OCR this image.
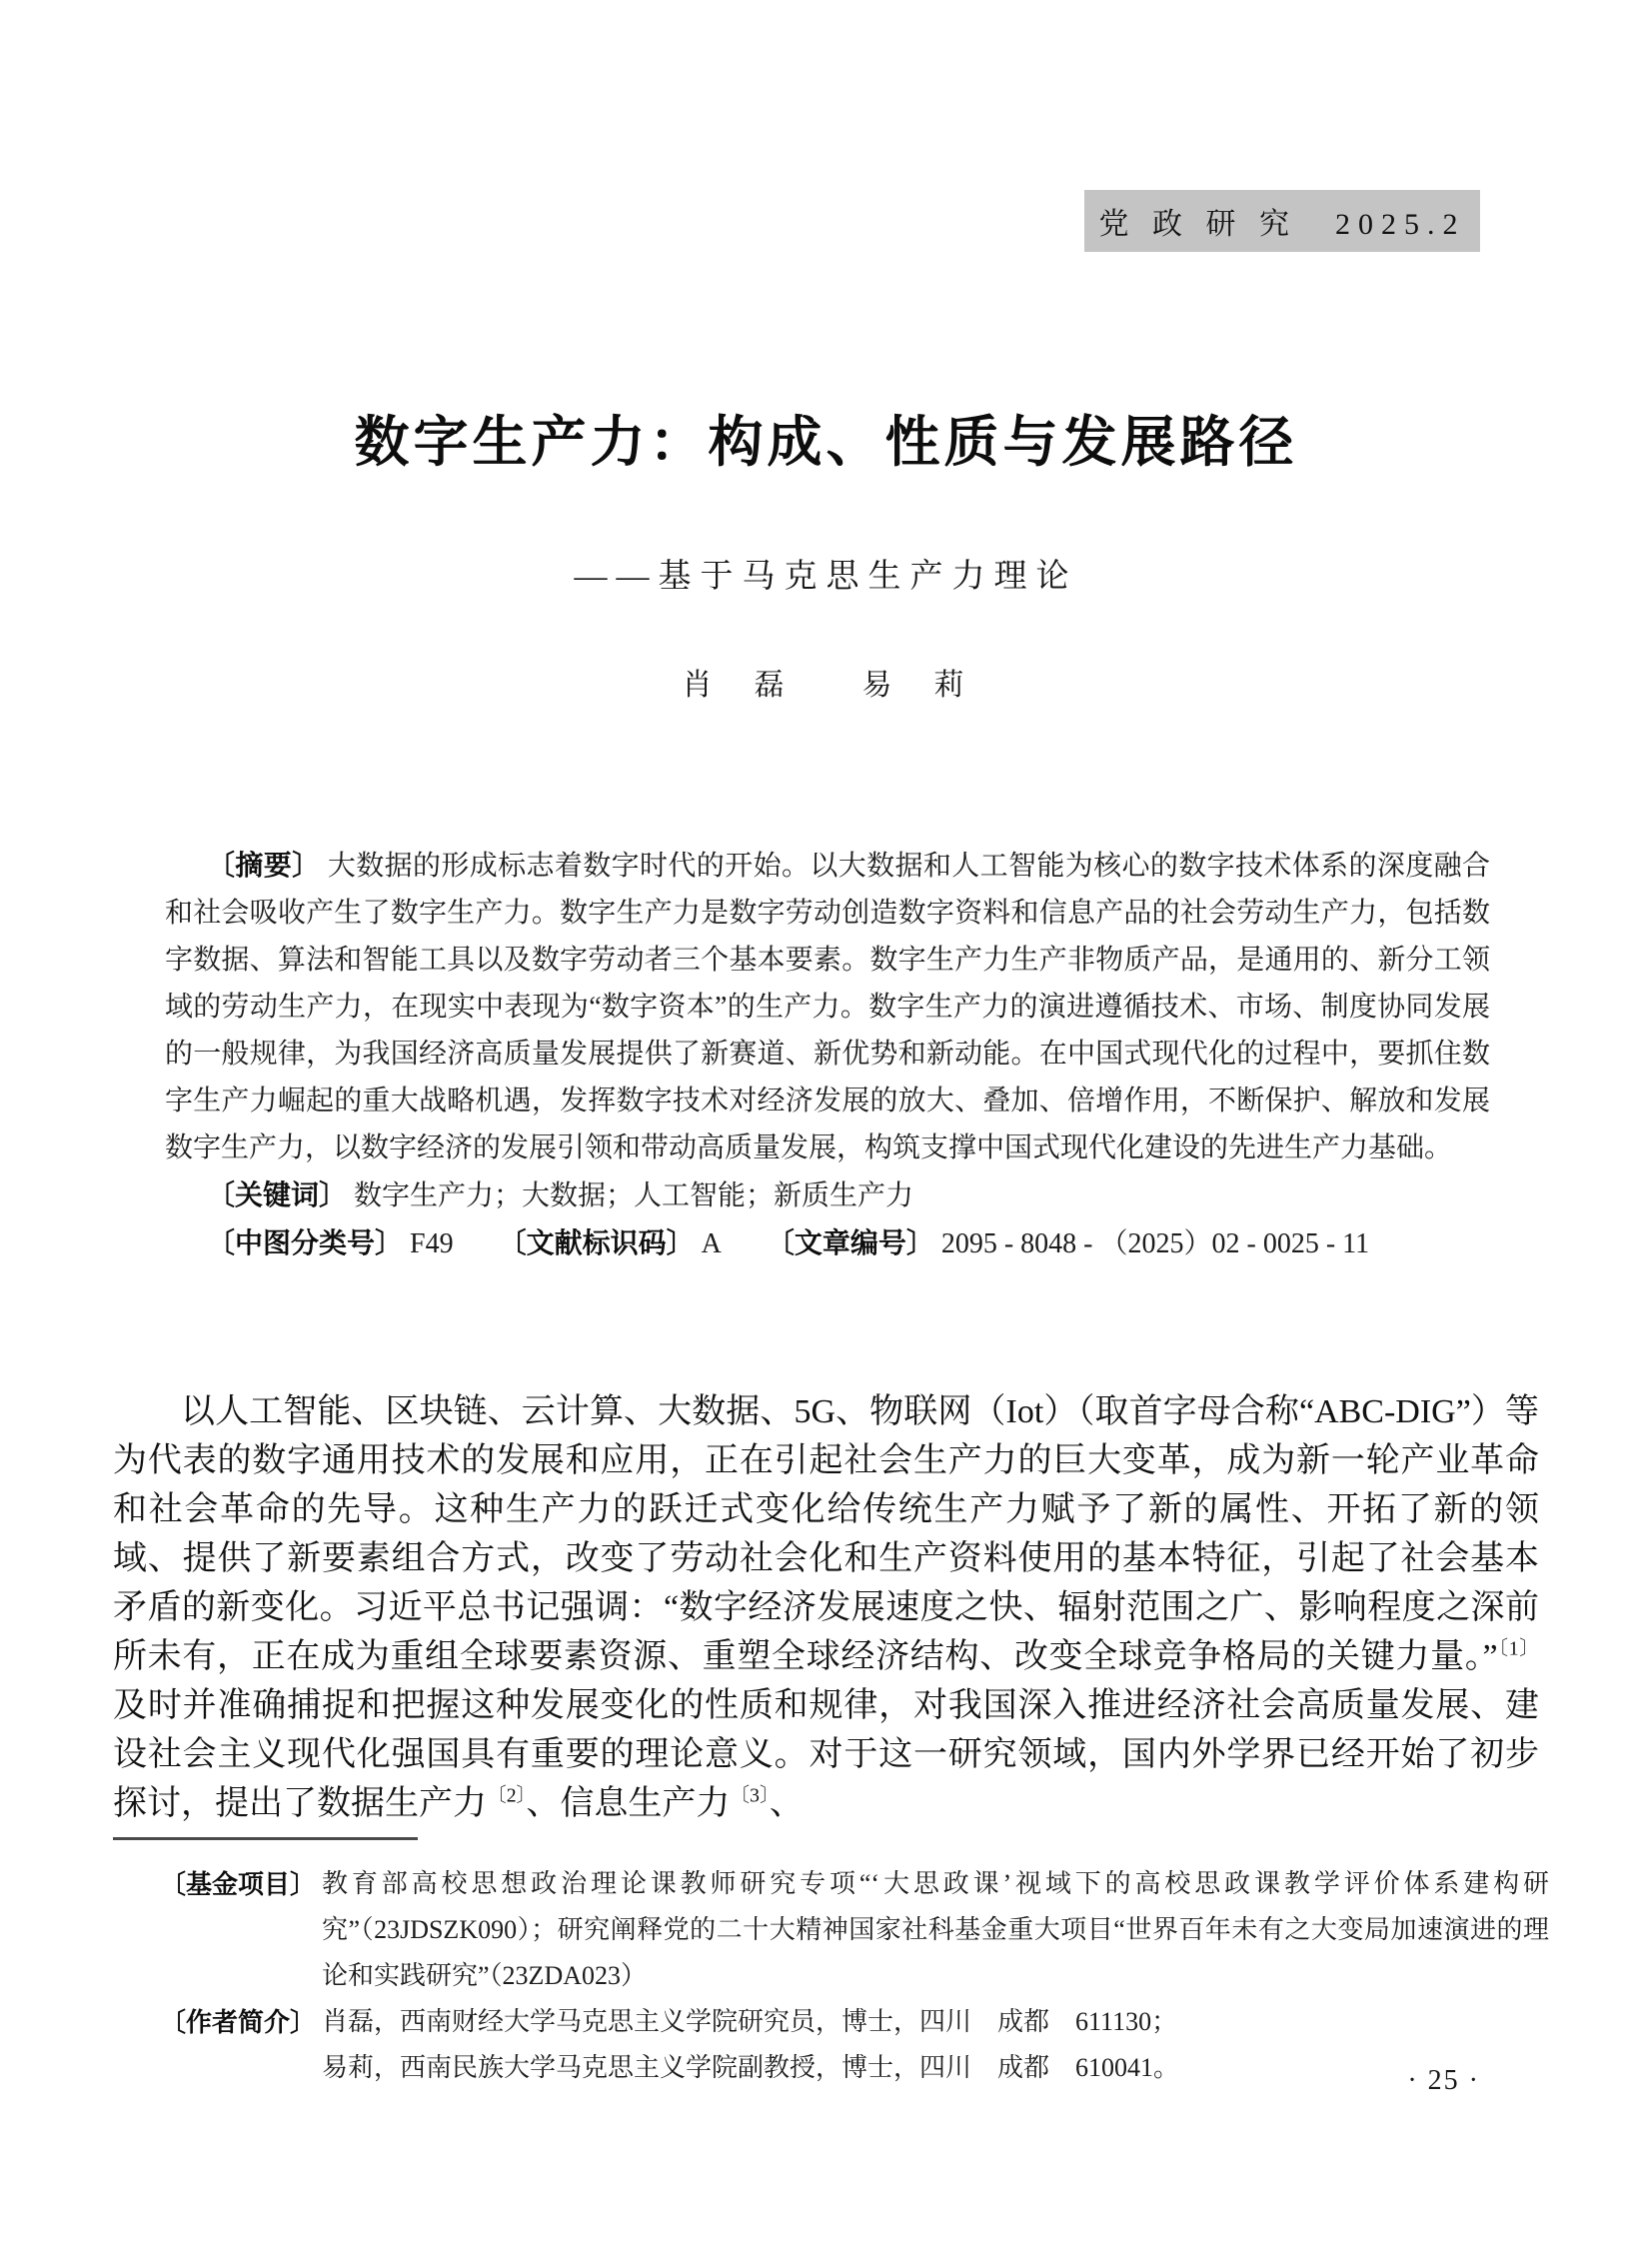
党 政 研 究　2025.2
数字生产力：构成、性质与发展路径
——基于马克思生产力理论
肖　磊　　易　莉

〔摘要〕 大数据的形成标志着数字时代的开始。以大数据和人工智能为核心的数字技术体系的深度融合和社会吸收产生了数字生产力。数字生产力是数字劳动创造数字资料和信息产品的社会劳动生产力，包括数字数据、算法和智能工具以及数字劳动者三个基本要素。数字生产力生产非物质产品，是通用的、新分工领域的劳动生产力，在现实中表现为“数字资本”的生产力。数字生产力的演进遵循技术、市场、制度协同发展的一般规律，为我国经济高质量发展提供了新赛道、新优势和新动能。在中国式现代化的过程中，要抓住数字生产力崛起的重大战略机遇，发挥数字技术对经济发展的放大、叠加、倍增作用，不断保护、解放和发展数字生产力，以数字经济的发展引领和带动高质量发展，构筑支撑中国式现代化建设的先进生产力基础。

〔关键词〕 数字生产力；大数据；人工智能；新质生产力

〔中图分类号〕 F49 〔文献标识码〕 A 〔文章编号〕 2095 - 8048 - （2025）02 - 0025 - 11

以人工智能、区块链、云计算、大数据、5G、物联网（Iot）（取首字母合称“ABC-DIG”）等为代表的数字通用技术的发展和应用，正在引起社会生产力的巨大变革，成为新一轮产业革命和社会革命的先导。这种生产力的跃迁式变化给传统生产力赋予了新的属性、开拓了新的领域、提供了新要素组合方式，改变了劳动社会化和生产资料使用的基本特征，引起了社会基本矛盾的新变化。习近平总书记强调：“数字经济发展速度之快、辐射范围之广、影响程度之深前所未有，正在成为重组全球要素资源、重塑全球经济结构、改变全球竞争格局的关键力量。”$^{〔1〕}$及时并准确捕捉和把握这种发展变化的性质和规律，对我国深入推进经济社会高质量发展、建设社会主义现代化强国具有重要的理论意义。对于这一研究领域，国内外学界已经开始了初步探讨，提出了数据生产力$^{〔2〕}$、信息生产力$^{〔3〕}$、

〔基金项目〕 教育部高校思想政治理论课教师研究专项“‘大思政课’视域下的高校思政课教学评价体系建构研究”（23JDSZK090）；研究阐释党的二十大精神国家社科基金重大项目“世界百年未有之大变局加速演进的理论和实践研究”（23ZDA023）
〔作者简介〕 肖磊，西南财经大学马克思主义学院研究员，博士，四川　成都　611130；
易莉，西南民族大学马克思主义学院副教授，博士，四川　成都　610041。	· 25 ·
